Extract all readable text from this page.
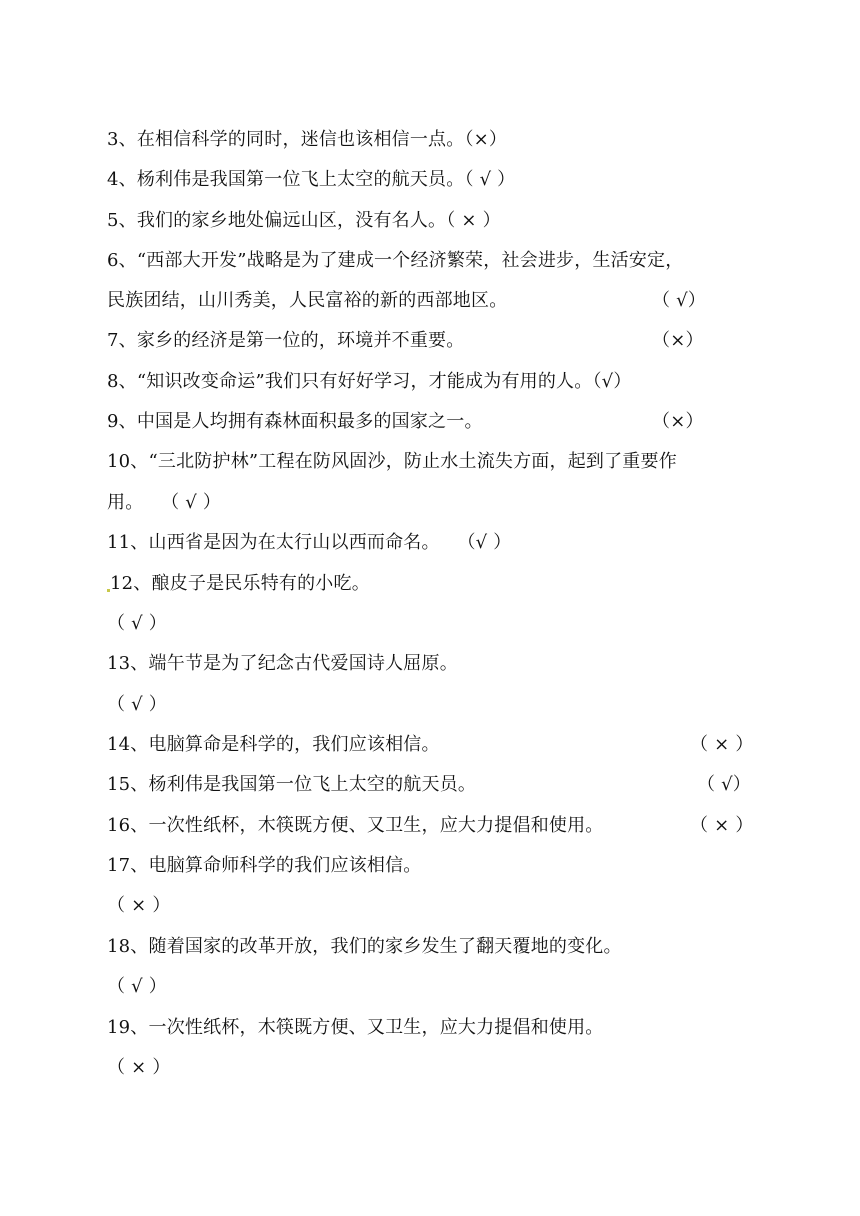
3、在相信科学的同时，迷信也该相信一点。（×）
4、杨利伟是我国第一位飞上太空的航天员。（ √ ）
5、我们的家乡地处偏远山区，没有名人。（ × ）
6、“西部大开发”战略是为了建成一个经济繁荣，社会进步，生活安定，
民族团结，山川秀美，人民富裕的新的西部地区。	（ √）
7、家乡的经济是第一位的，环境并不重要。	（×）
8、“知识改变命运”我们只有好好学习，才能成为有用的人。（√）
9、中国是人均拥有森林面积最多的国家之一。	（×）
10、“三北防护林”工程在防风固沙，防止水土流失方面，起到了重要作
用。 （ √ ）
11、山西省是因为在太行山以西而命名。 （√ ）
12、酿皮子是民乐特有的小吃。
（ √ ）
13、端午节是为了纪念古代爱国诗人屈原。
（ √ ）
14、电脑算命是科学的，我们应该相信。	（ × ）
15、杨利伟是我国第一位飞上太空的航天员。	（ √）
16、一次性纸杯，木筷既方便、又卫生，应大力提倡和使用。	（ × ）
17、电脑算命师科学的我们应该相信。
（ × ）
18、随着国家的改革开放，我们的家乡发生了翻天覆地的变化。
（ √ ）
19、一次性纸杯，木筷既方便、又卫生，应大力提倡和使用。
（ × ）
